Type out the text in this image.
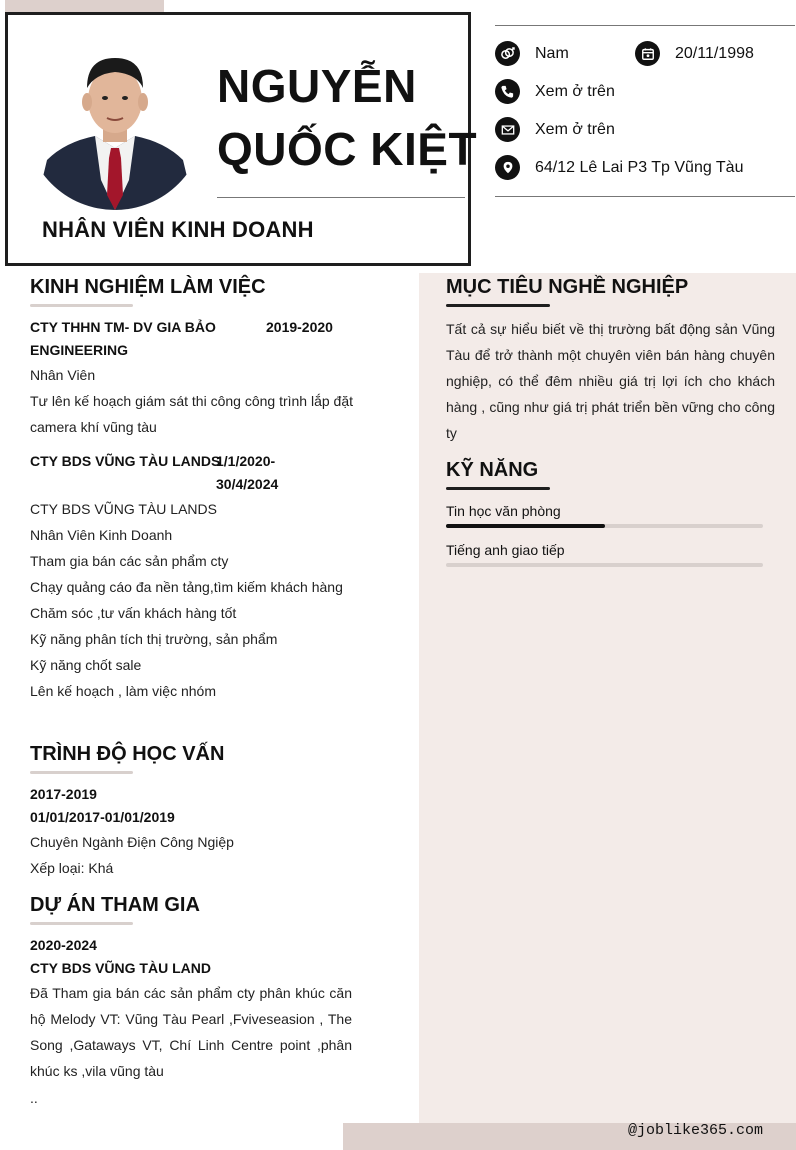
NGUYỄN
QUỐC KIỆT
NHÂN VIÊN KINH DOANH
Nam	20/11/1998
Xem ở trên
Xem ở trên
64/12 Lê Lai P3 Tp Vũng Tàu
KINH NGHIỆM LÀM VIỆC
CTY THHN TM- DV GIA BẢO ENGINEERING
2019-2020
Nhân Viên
Tư lên kế hoạch giám sát thi công công trình lắp đặt camera khí vũng tàu
CTY BDS VŨNG TÀU LANDS
1/1/2020-30/4/2024
CTY BDS VŨNG TÀU LANDS
Nhân Viên Kinh Doanh
Tham gia bán các sản phẩm cty
Chạy quảng cáo đa nền tảng,tìm kiếm khách hàng
Chăm sóc ,tư vấn khách hàng tốt
Kỹ năng phân tích thị trường, sản phẩm
Kỹ năng chốt sale
Lên kế hoạch , làm việc nhóm
TRÌNH ĐỘ HỌC VẤN
2017-2019
01/01/2017-01/01/2019
Chuyên Ngành Điện Công Ngiệp
Xếp loại: Khá
DỰ ÁN THAM GIA
2020-2024
CTY BDS VŨNG TÀU LAND
Đã Tham gia bán các sản phẩm cty phân khúc căn hộ Melody VT: Vũng Tàu Pearl ,Fviveseasion , The Song ,Gataways VT, Chí Linh Centre point ,phân khúc ks ,vila vũng tàu
..
MỤC TIÊU NGHỀ NGHIỆP
Tất cả sự hiểu biết về thị trường bất động sản Vũng Tàu để trở thành một chuyên viên bán hàng chuyên nghiệp, có thể đêm nhiều giá trị lợi ích cho khách hàng , cũng như giá trị phát triển bền vững cho công ty
KỸ NĂNG
Tin học văn phòng
Tiếng anh giao tiếp
@joblike365.com
